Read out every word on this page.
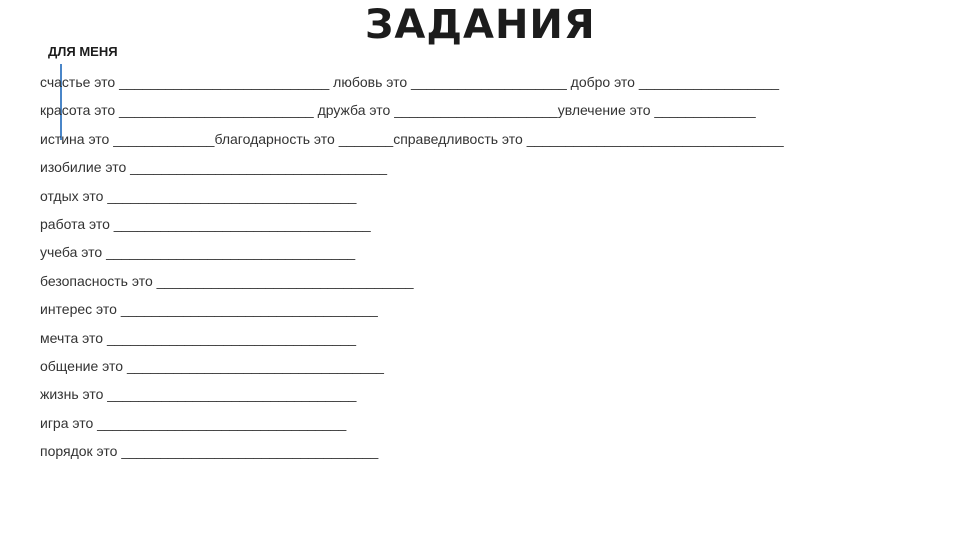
ЗАДАНИЯ
ДЛЯ МЕНЯ
счастье это ___________________________ любовь это ____________________ добро это __________________
красота это _________________________ дружба это _____________________увлечение это _____________
истина это _____________благодарность это _______справедливость это _________________________________
изобилие это _________________________________
отдых это ________________________________
работа это _________________________________
учеба это ________________________________
безопасность это _________________________________
интерес это _________________________________
мечта это ________________________________
общение это _________________________________
жизнь это ________________________________
игра это ________________________________
порядок это _________________________________
